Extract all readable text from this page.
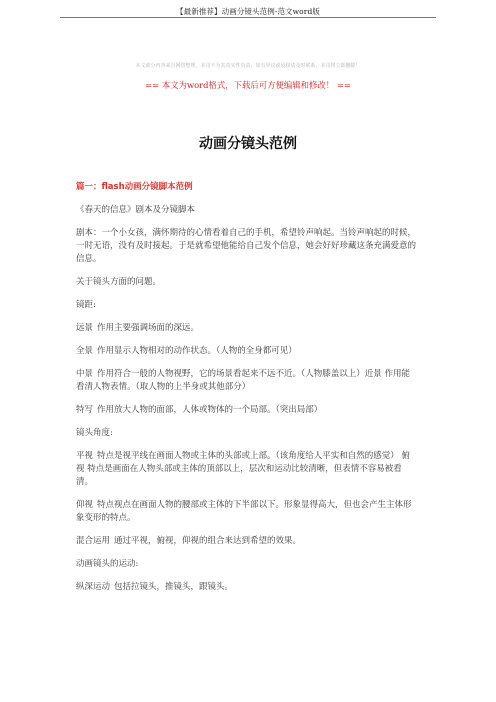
【最新推荐】动画分镜头范例-范文word版
本文部分内容来自网络整理，本司不为其真实性负责，如有异议或侵权请及时联系，本司将立即删除！
== 本文为word格式，下载后可方便编辑和修改！ ==
动画分镜头范例

篇一：flash动画分镜脚本范例

《春天的信息》剧本及分镜脚本

剧本：一个小女孩，满怀期待的心情看着自己的手机，希望铃声响起。当铃声响起的时候，一时无语，没有及时接起。于是就希望他能给自己发个信息，她会好好珍藏这条充满爱意的信息。

关于镜头方面的问题。

镜距:

远景 作用主要强调场面的深远。

全景 作用显示人物相对的动作状态。（人物的全身都可见）

中景 作用符合一般的人物视野，它的场景看起来不远不近。（人物膝盖以上）近景 作用能看清人物表情。（取人物的上半身或其他部分）

特写 作用放大人物的面部，人体或物体的一个局部。（突出局部）

镜头角度:

平视 特点是视平线在画面人物或主体的头部或上部。（该角度给人平实和自然的感觉） 俯视 特点是画面在人物头部或主体的顶部以上，层次和运动比较清晰，但表情不容易被看清。

仰视 特点视点在画面人物的腰部或主体的下半部以下。形象显得高大，但也会产生主体形象变形的特点。

混合运用 通过平视，俯视，仰视的组合来达到希望的效果。

动画镜头的运动:

纵深运动 包括拉镜头，推镜头，跟镜头。
